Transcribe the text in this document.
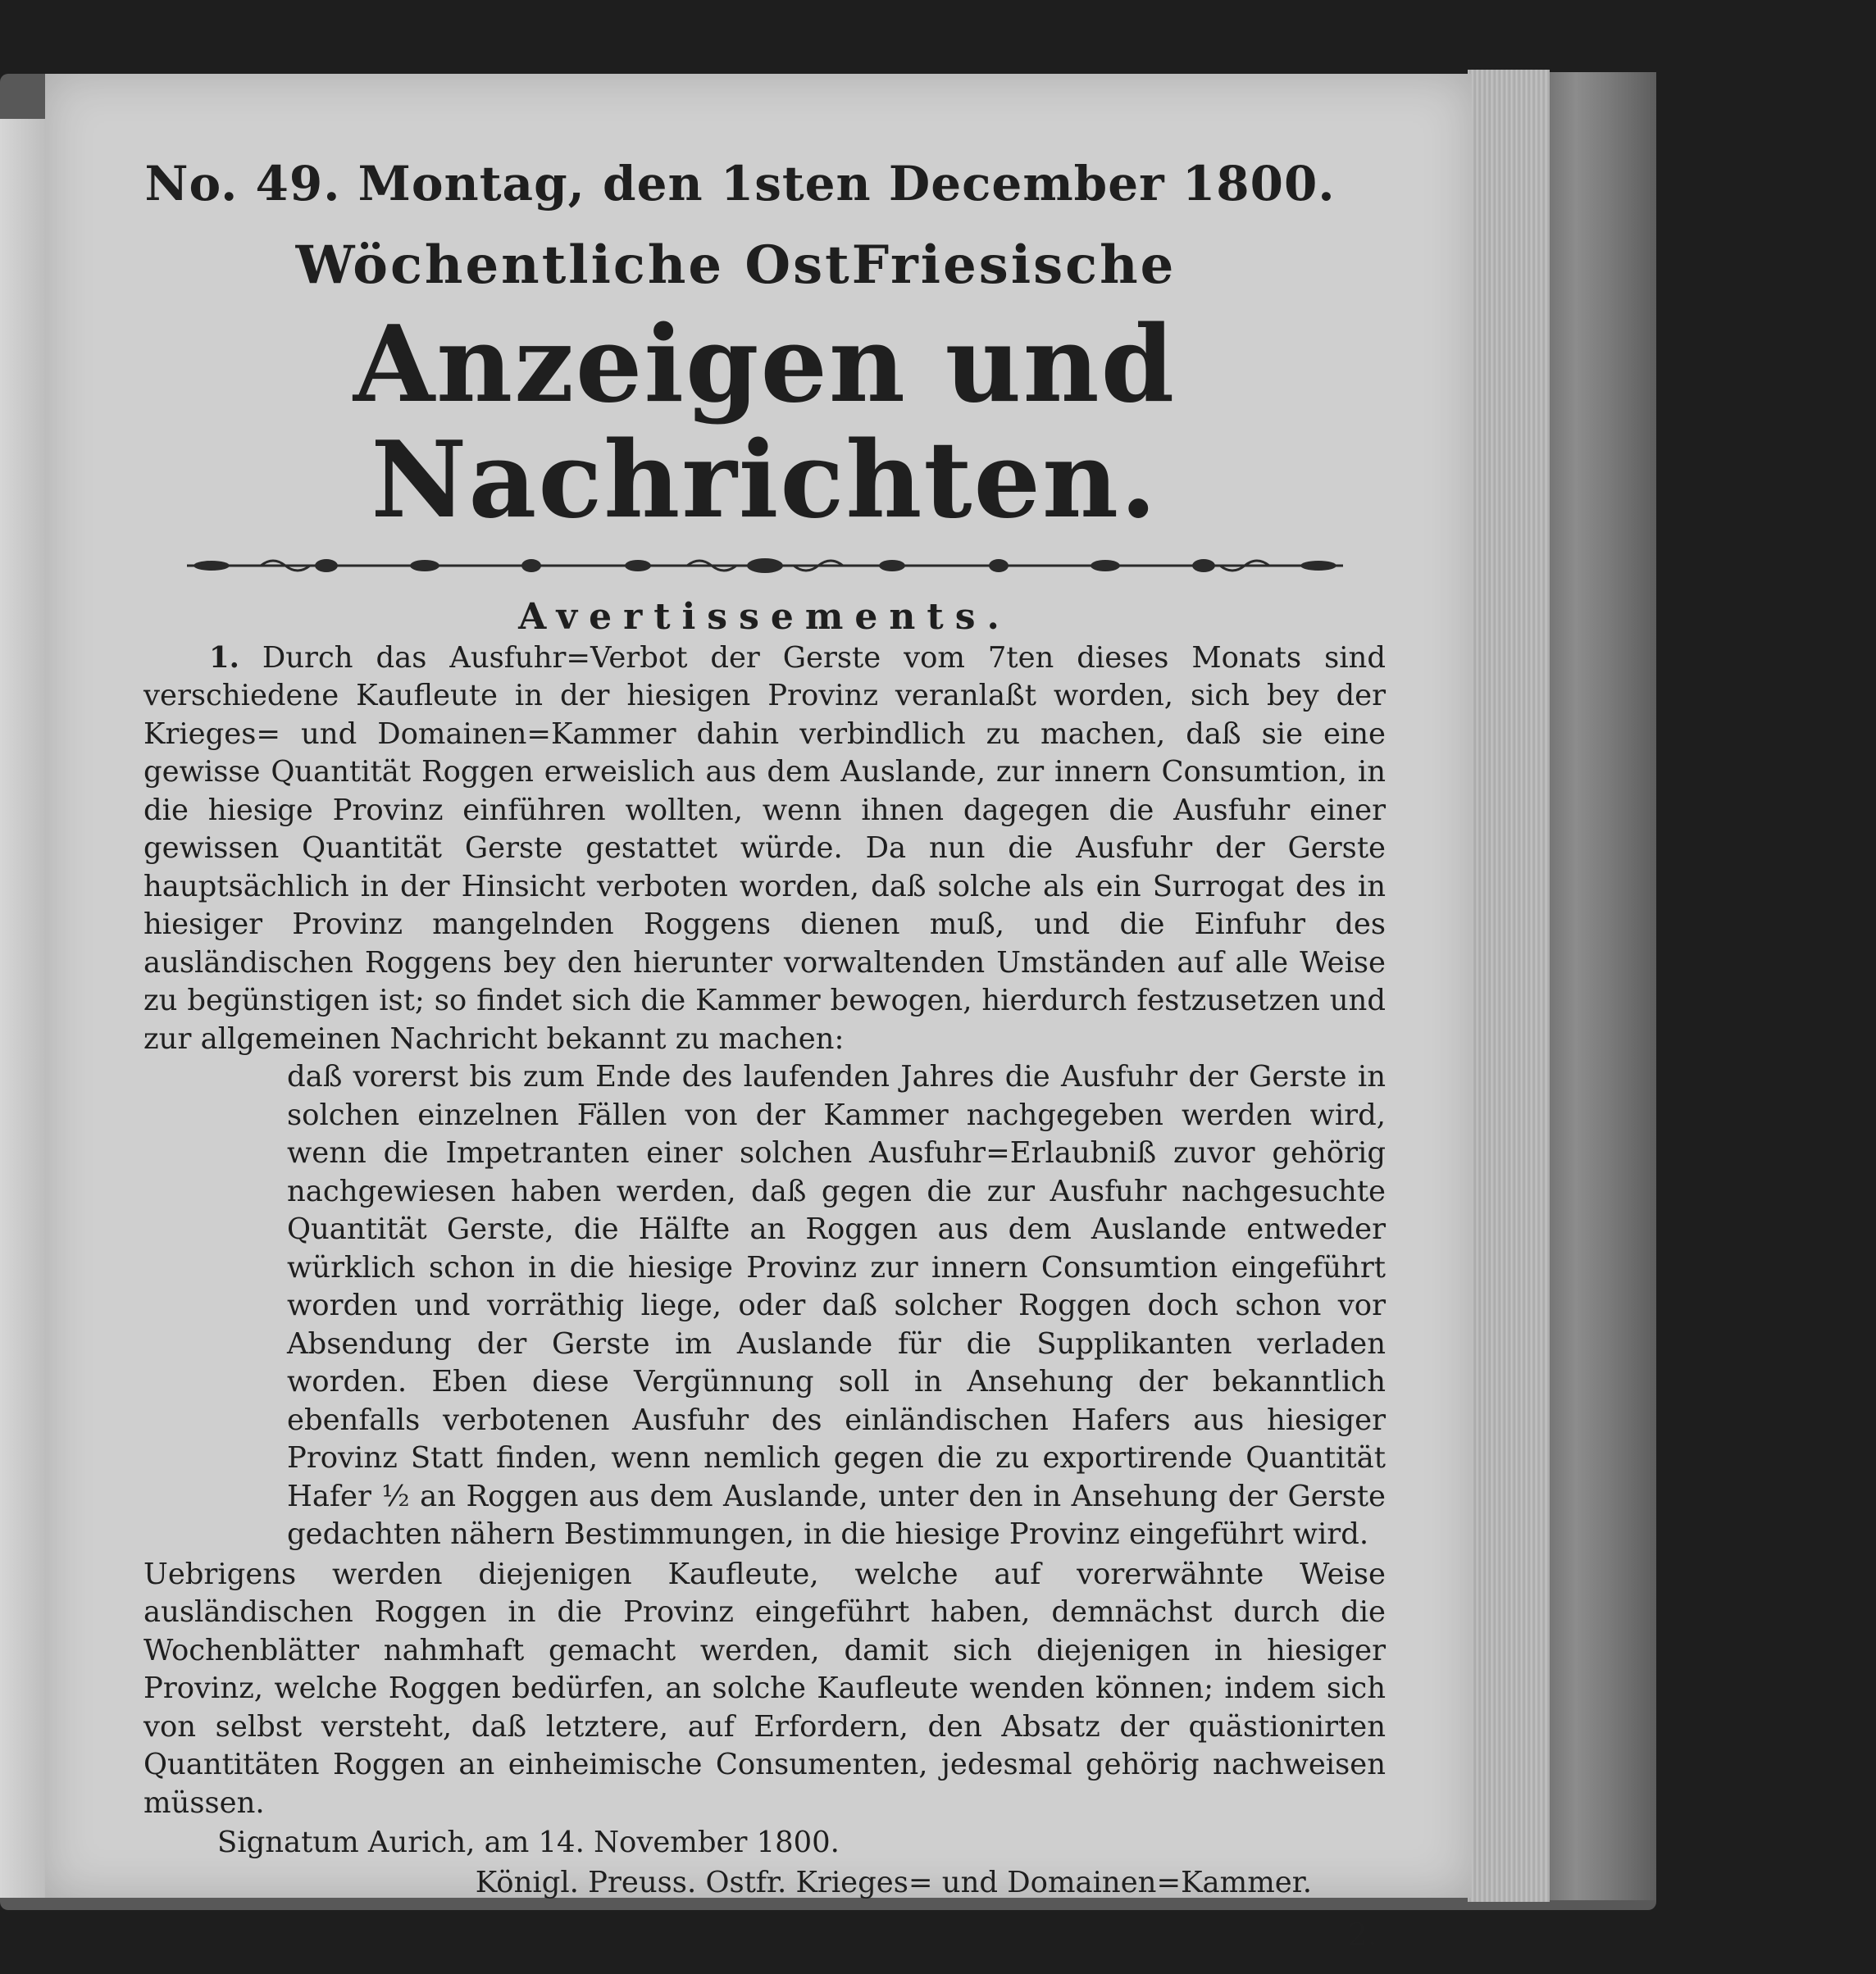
No. 49. Montag, den 1sten December 1800.
Wöchentliche OstFriesische
Anzeigen und Nachrichten.
Avertissements.
1. Durch das Ausfuhr=Verbot der Gerste vom 7ten dieses Monats sind verschiedene Kaufleute in der hiesigen Provinz veranlaßt worden, sich bey der Krieges= und Domainen=Kammer dahin verbindlich zu machen, daß sie eine gewisse Quantität Roggen erweislich aus dem Auslande, zur innern Consumtion, in die hiesige Provinz einführen wollten, wenn ihnen dagegen die Ausfuhr einer gewissen Quantität Gerste gestattet würde. Da nun die Ausfuhr der Gerste hauptsächlich in der Hinsicht verboten worden, daß solche als ein Surrogat des in hiesiger Provinz mangelnden Roggens dienen muß, und die Einfuhr des ausländischen Roggens bey den hierunter vorwaltenden Umständen auf alle Weise zu begünstigen ist; so findet sich die Kammer bewogen, hierdurch festzusetzen und zur allgemeinen Nachricht bekannt zu machen:
daß vorerst bis zum Ende des laufenden Jahres die Ausfuhr der Gerste in solchen einzelnen Fällen von der Kammer nachgegeben werden wird, wenn die Impetranten einer solchen Ausfuhr=Erlaubniß zuvor gehörig nachgewiesen haben werden, daß gegen die zur Ausfuhr nachgesuchte Quantität Gerste, die Hälfte an Roggen aus dem Auslande entweder würklich schon in die hiesige Provinz zur innern Consumtion eingeführt worden und vorräthig liege, oder daß solcher Roggen doch schon vor Absendung der Gerste im Auslande für die Supplikanten verladen worden. Eben diese Vergünnung soll in Ansehung der bekanntlich ebenfalls verbotenen Ausfuhr des einländischen Hafers aus hiesiger Provinz Statt finden, wenn nemlich gegen die zu exportirende Quantität Hafer ½ an Roggen aus dem Auslande, unter den in Ansehung der Gerste gedachten nähern Bestimmungen, in die hiesige Provinz eingeführt wird.
Uebrigens werden diejenigen Kaufleute, welche auf vorerwähnte Weise ausländischen Roggen in die Provinz eingeführt haben, demnächst durch die Wochenblätter nahmhaft gemacht werden, damit sich diejenigen in hiesiger Provinz, welche Roggen bedürfen, an solche Kaufleute wenden können; indem sich von selbst versteht, daß letztere, auf Erfordern, den Absatz der quästionirten Quantitäten Roggen an einheimische Consumenten, jedesmal gehörig nachweisen müssen.
Signatum Aurich, am 14. November 1800.
Königl. Preuss. Ostfr. Krieges= und Domainen=Kammer.
2.
